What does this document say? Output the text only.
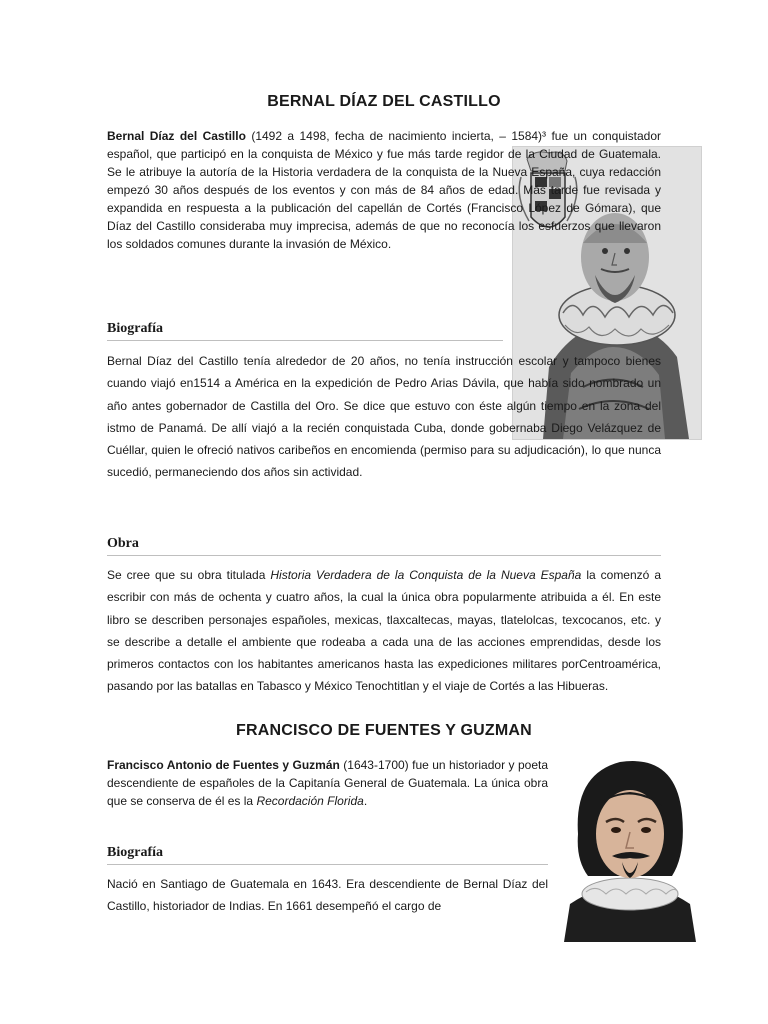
BERNAL DÍAZ DEL CASTILLO
Bernal Díaz del Castillo (1492 a 1498, fecha de nacimiento incierta, – 1584)³ fue un conquistador español, que participó en la conquista de México y fue más tarde regidor de la Ciudad de Guatemala. Se le atribuye la autoría de la Historia verdadera de la conquista de la Nueva España, cuya redacción empezó 30 años después de los eventos y con más de 84 años de edad. Más tarde fue revisada y expandida en respuesta a la publicación del capellán de Cortés (Francisco López de Gómara), que Díaz del Castillo consideraba muy imprecisa, además de que no reconocía los esfuerzos que llevaron los soldados comunes durante la invasión de México.
Biografía
Bernal Díaz del Castillo tenía alrededor de 20 años, no tenía instrucción escolar y tampoco bienes cuando viajó en1514 a América en la expedición de Pedro Arias Dávila, que había sido nombrado un año antes gobernador de Castilla del Oro. Se dice que estuvo con éste algún tiempo en la zona del istmo de Panamá. De allí viajó a la recién conquistada Cuba, donde gobernaba Diego Velázquez de Cuéllar, quien le ofreció nativos caribeños en encomienda (permiso para su adjudicación), lo que nunca sucedió, permaneciendo dos años sin actividad.
Obra
Se cree que su obra titulada Historia Verdadera de la Conquista de la Nueva España la comenzó a escribir con más de ochenta y cuatro años, la cual la única obra popularmente atribuida a él. En este libro se describen personajes españoles, mexicas, tlaxcaltecas, mayas, tlatelolcas, texcocanos, etc. y se describe a detalle el ambiente que rodeaba a cada una de las acciones emprendidas, desde los primeros contactos con los habitantes americanos hasta las expediciones militares porCentroamérica, pasando por las batallas en Tabasco y México Tenochtitlan y el viaje de Cortés a las Hibueras.
FRANCISCO DE FUENTES Y GUZMAN
Francisco Antonio de Fuentes y Guzmán (1643-1700) fue un historiador y poeta descendiente de españoles de la Capitanía General de Guatemala. La única obra que se conserva de él es la Recordación Florida.
Biografía
Nació en Santiago de Guatemala en 1643. Era descendiente de Bernal Díaz del Castillo, historiador de Indias. En 1661 desempeñó el cargo de
